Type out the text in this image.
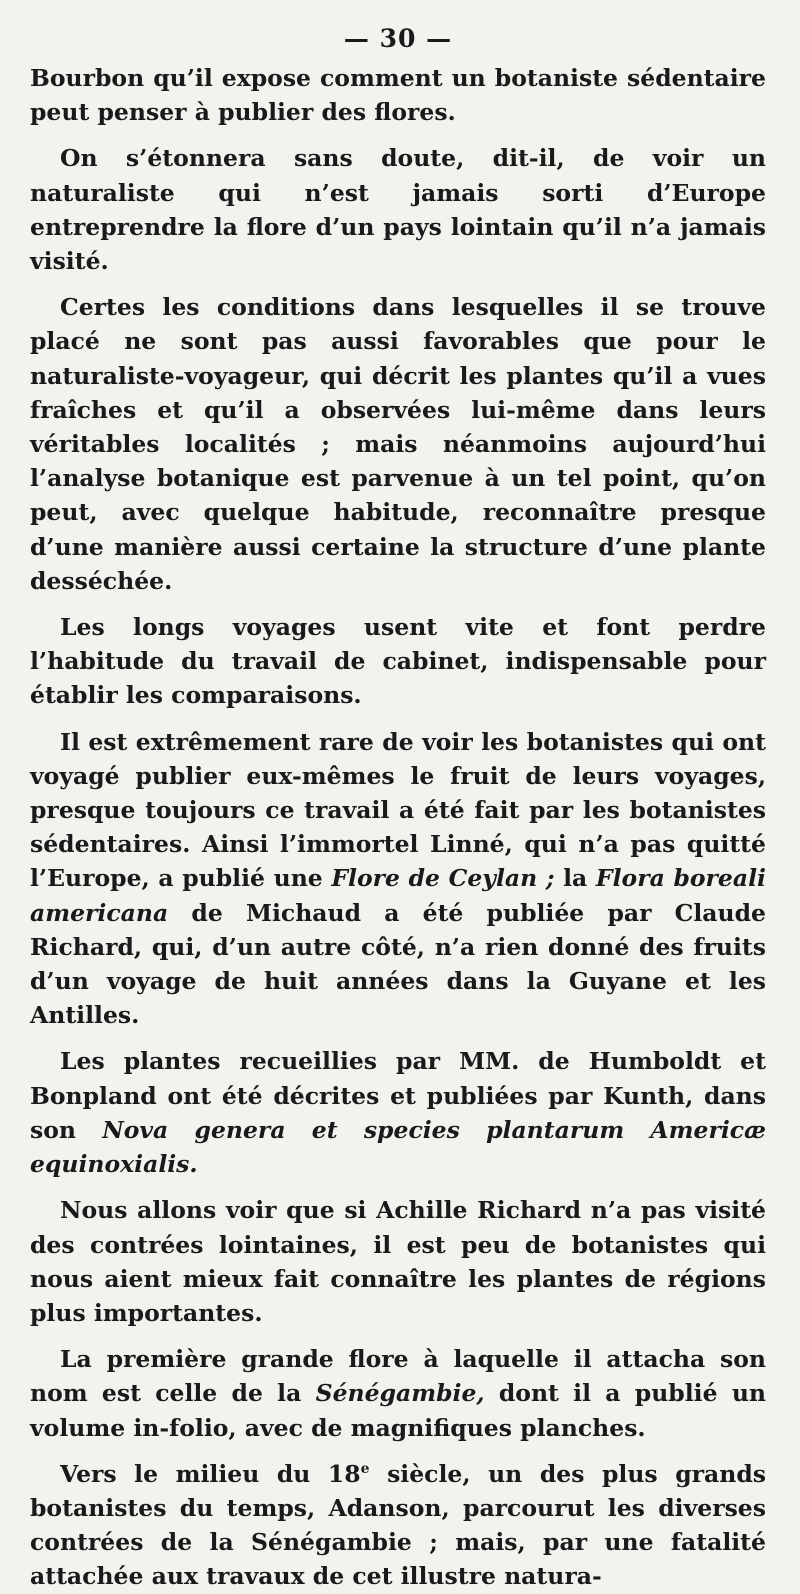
— 30 —

Bourbon qu’il expose comment un botaniste sédentaire peut penser à publier des flores.

On s’étonnera sans doute, dit-il, de voir un naturaliste qui n’est jamais sorti d’Europe entreprendre la flore d’un pays lointain qu’il n’a jamais visité.

Certes les conditions dans lesquelles il se trouve placé ne sont pas aussi favorables que pour le naturaliste-voyageur, qui décrit les plantes qu’il a vues fraîches et qu’il a observées lui-même dans leurs véritables localités ; mais néanmoins aujourd’hui l’analyse botanique est parvenue à un tel point, qu’on peut, avec quelque habitude, reconnaître presque d’une manière aussi certaine la structure d’une plante desséchée.

Les longs voyages usent vite et font perdre l’habitude du travail de cabinet, indispensable pour établir les comparaisons.

Il est extrêmement rare de voir les botanistes qui ont voyagé publier eux-mêmes le fruit de leurs voyages, presque toujours ce travail a été fait par les botanistes sédentaires. Ainsi l’immortel Linné, qui n’a pas quitté l’Europe, a publié une Flore de Ceylan ; la Flora boreali americana de Michaud a été publiée par Claude Richard, qui, d’un autre côté, n’a rien donné des fruits d’un voyage de huit années dans la Guyane et les Antilles.

Les plantes recueillies par MM. de Humboldt et Bonpland ont été décrites et publiées par Kunth, dans son Nova genera et species plantarum Americæ equinoxialis.

Nous allons voir que si Achille Richard n’a pas visité des contrées lointaines, il est peu de botanistes qui nous aient mieux fait connaître les plantes de régions plus importantes.

La première grande flore à laquelle il attacha son nom est celle de la Sénégambie, dont il a publié un volume in-folio, avec de magnifiques planches.

Vers le milieu du 18e siècle, un des plus grands botanistes du temps, Adanson, parcourut les diverses contrées de la Sénégambie ; mais, par une fatalité attachée aux travaux de cet illustre natura-
